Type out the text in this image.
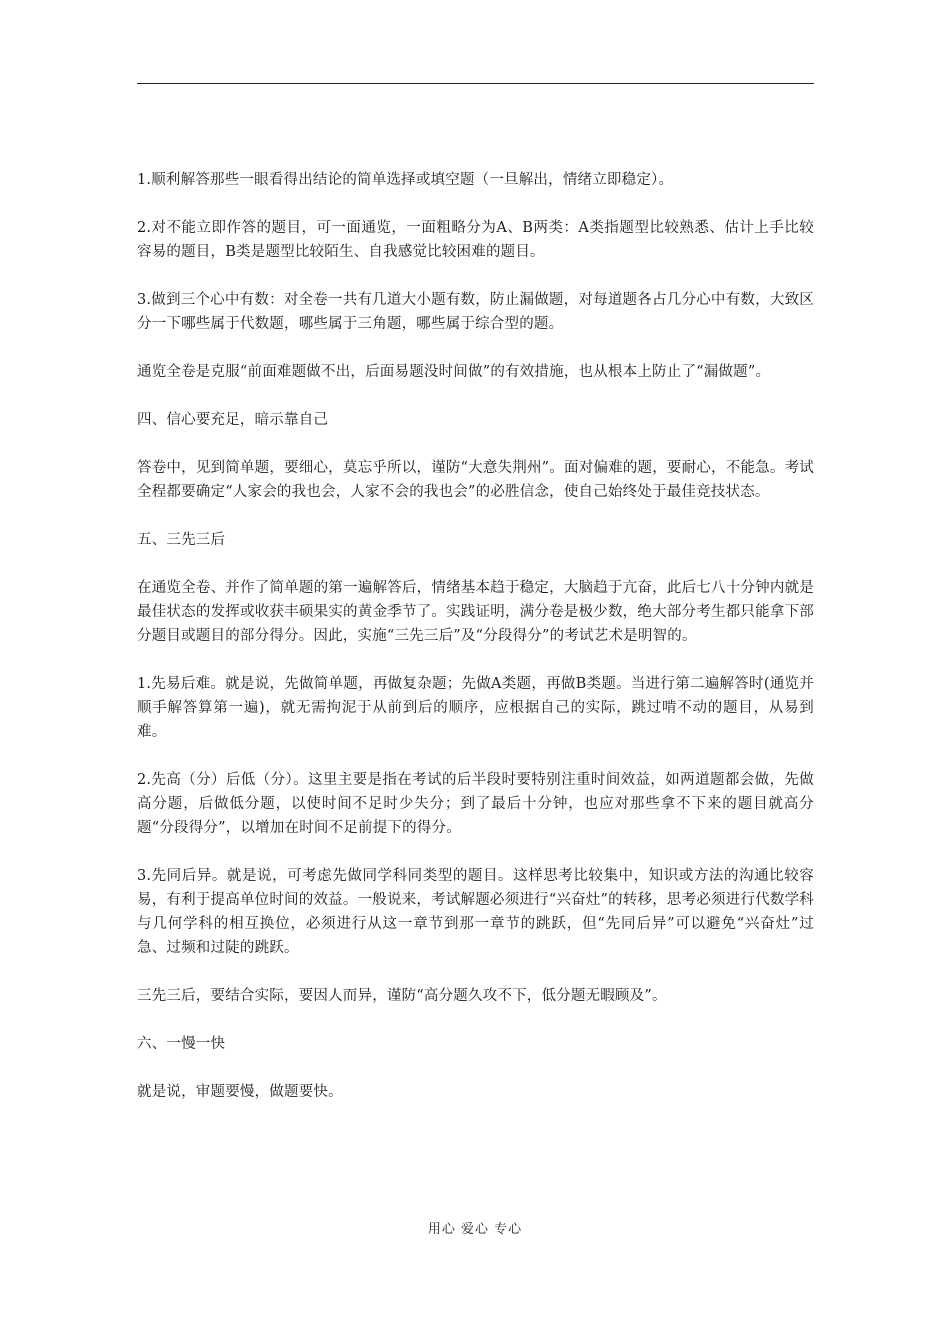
1.顺利解答那些一眼看得出结论的简单选择或填空题（一旦解出，情绪立即稳定）。

2.对不能立即作答的题目，可一面通览，一面粗略分为A、B两类：A类指题型比较熟悉、估计上手比较容易的题目，B类是题型比较陌生、自我感觉比较困难的题目。

3.做到三个心中有数：对全卷一共有几道大小题有数，防止漏做题，对每道题各占几分心中有数，大致区分一下哪些属于代数题，哪些属于三角题，哪些属于综合型的题。

通览全卷是克服“前面难题做不出，后面易题没时间做”的有效措施，也从根本上防止了“漏做题”。

四、信心要充足，暗示靠自己

答卷中，见到简单题，要细心，莫忘乎所以，谨防“大意失荆州”。面对偏难的题，要耐心，不能急。考试全程都要确定“人家会的我也会，人家不会的我也会”的必胜信念，使自己始终处于最佳竞技状态。

五、三先三后

在通览全卷、并作了简单题的第一遍解答后，情绪基本趋于稳定，大脑趋于亢奋，此后七八十分钟内就是最佳状态的发挥或收获丰硕果实的黄金季节了。实践证明，满分卷是极少数，绝大部分考生都只能拿下部分题目或题目的部分得分。因此，实施“三先三后”及“分段得分”的考试艺术是明智的。

1.先易后难。就是说，先做简单题，再做复杂题；先做A类题，再做B类题。当进行第二遍解答时(通览并顺手解答算第一遍)，就无需拘泥于从前到后的顺序，应根据自己的实际，跳过啃不动的题目，从易到难。

2.先高（分）后低（分）。这里主要是指在考试的后半段时要特别注重时间效益，如两道题都会做，先做高分题，后做低分题，以使时间不足时少失分；到了最后十分钟，也应对那些拿不下来的题目就高分题“分段得分”，以增加在时间不足前提下的得分。

3.先同后异。就是说，可考虑先做同学科同类型的题目。这样思考比较集中，知识或方法的沟通比较容易，有利于提高单位时间的效益。一般说来，考试解题必须进行“兴奋灶”的转移，思考必须进行代数学科与几何学科的相互换位，必须进行从这一章节到那一章节的跳跃，但“先同后异”可以避免“兴奋灶”过急、过频和过陡的跳跃。

三先三后，要结合实际，要因人而异，谨防“高分题久攻不下，低分题无暇顾及”。

六、一慢一快

就是说，审题要慢，做题要快。

用心 爱心 专心
